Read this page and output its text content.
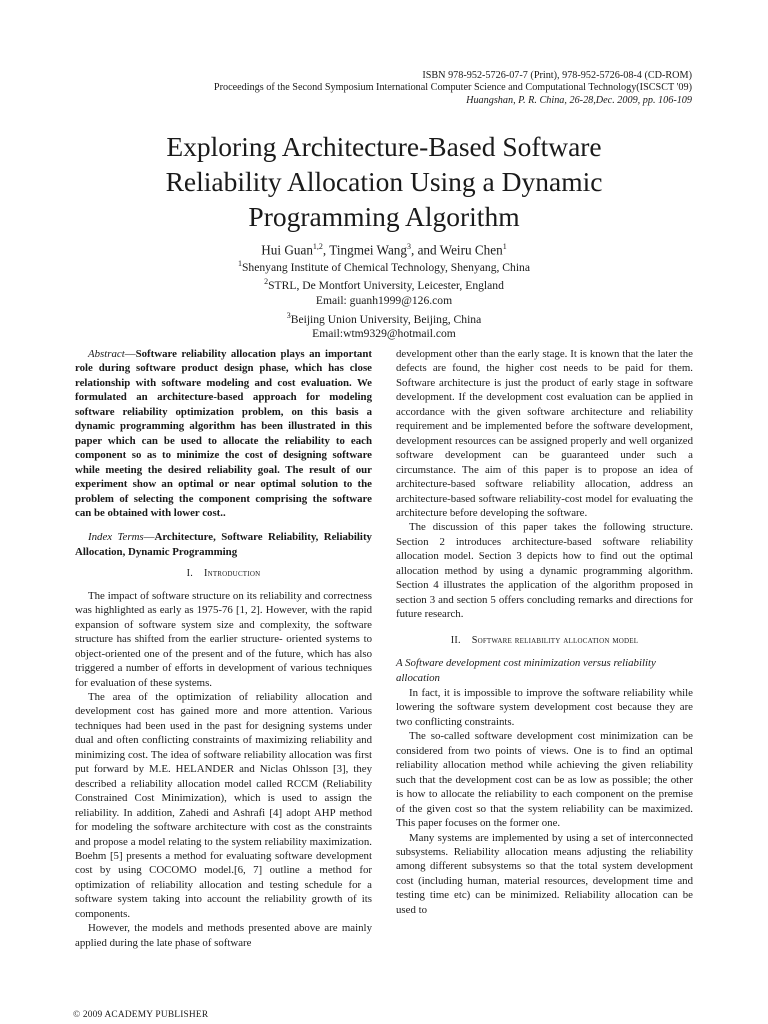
ISBN 978-952-5726-07-7 (Print), 978-952-5726-08-4 (CD-ROM)
Proceedings of the Second Symposium International Computer Science and Computational Technology(ISCSCT '09)
Huangshan, P. R. China, 26-28,Dec. 2009, pp. 106-109
Exploring Architecture-Based Software
Reliability Allocation Using a Dynamic
Programming Algorithm
Hui Guan$^{1,2}$, Tingmei Wang$^3$, and Weiru Chen$^1$
$^1$Shenyang Institute of Chemical Technology, Shenyang, China
$^2$STRL, De Montfort University, Leicester, England
Email: guanh1999@126.com
$^3$Beijing Union University, Beijing, China
Email:wtm9329@hotmail.com

Abstract—Software reliability allocation plays an important role during software product design phase, which has close relationship with software modeling and cost evaluation. We formulated an architecture-based approach for modeling software reliability optimization problem, on this basis a dynamic programming algorithm has been illustrated in this paper which can be used to allocate the reliability to each component so as to minimize the cost of designing software while meeting the desired reliability goal. The result of our experiment show an optimal or near optimal solution to the problem of selecting the component comprising the software can be obtained with lower cost..

Index Terms—Architecture, Software Reliability, Reliability Allocation, Dynamic Programming

I. Introduction

The impact of software structure on its reliability and correctness was highlighted as early as 1975-76 [1, 2]. However, with the rapid expansion of software system size and complexity, the software structure has shifted from the earlier structure- oriented systems to object-oriented one of the present and of the future, which has also triggered a number of efforts in development of various techniques for evaluation of these systems.

The area of the optimization of reliability allocation and development cost has gained more and more attention. Various techniques had been used in the past for designing systems under dual and often conflicting constraints of maximizing reliability and minimizing cost. The idea of software reliability allocation was first put forward by M.E. HELANDER and Niclas Ohlsson [3], they described a reliability allocation model called RCCM (Reliability Constrained Cost Minimization), which is used to assign the reliability. In addition, Zahedi and Ashrafi [4] adopt AHP method for modeling the software architecture with cost as the constraints and propose a model relating to the system reliability maximization. Boehm [5] presents a method for evaluating software development cost by using COCOMO model.[6, 7] outline a method for optimization of reliability allocation and testing schedule for a software system taking into account the reliability growth of its components.

However, the models and methods presented above are mainly applied during the late phase of software

development other than the early stage. It is known that the later the defects are found, the higher cost needs to be paid for them. Software architecture is just the product of early stage in software development. If the development cost evaluation can be applied in accordance with the given software architecture and reliability requirement and be implemented before the software development, development resources can be assigned properly and well organized software development can be guaranteed under such a circumstance. The aim of this paper is to propose an idea of architecture-based software reliability allocation, address an architecture-based software reliability-cost model for evaluating the architecture before developing the software.

The discussion of this paper takes the following structure. Section 2 introduces architecture-based software reliability allocation model. Section 3 depicts how to find out the optimal allocation method by using a dynamic programming algorithm. Section 4 illustrates the application of the algorithm proposed in section 3 and section 5 offers concluding remarks and directions for future research.

II. Software reliability allocation model

A Software development cost minimization versus reliability allocation

In fact, it is impossible to improve the software reliability while lowering the software system development cost because they are two conflicting constraints.

The so-called software development cost minimization can be considered from two points of views. One is to find an optimal reliability allocation method while achieving the given reliability such that the development cost can be as low as possible; the other is how to allocate the reliability to each component on the premise of the given cost so that the system reliability can be maximized. This paper focuses on the former one.

Many systems are implemented by using a set of interconnected subsystems. Reliability allocation means adjusting the reliability among different subsystems so that the total system development cost (including human, material resources, development time and testing time etc) can be minimized. Reliability allocation can be used to

© 2009 ACADEMY PUBLISHER
